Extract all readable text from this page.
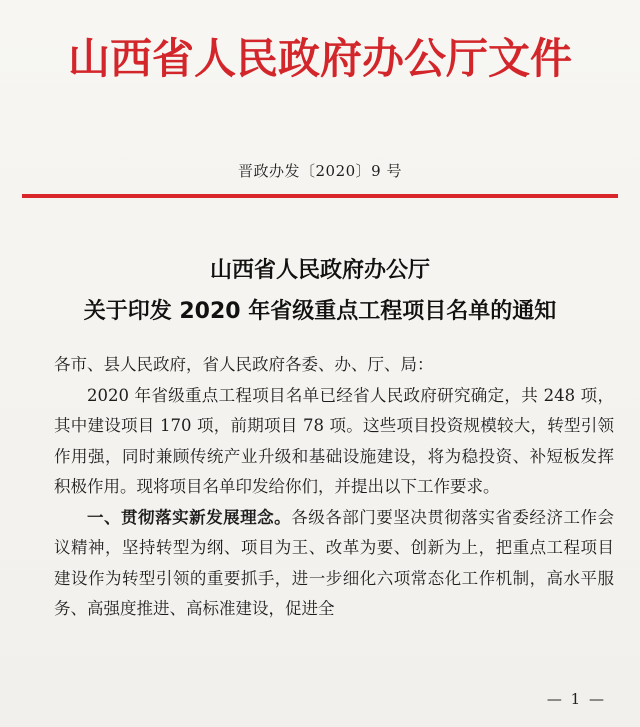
山西省人民政府办公厅文件
晋政办发〔2020〕9 号
山西省人民政府办公厅
关于印发 2020 年省级重点工程项目名单的通知

各市、县人民政府，省人民政府各委、办、厅、局：

2020 年省级重点工程项目名单已经省人民政府研究确定，共 248 项，其中建设项目 170 项，前期项目 78 项。这些项目投资规模较大，转型引领作用强，同时兼顾传统产业升级和基础设施建设，将为稳投资、补短板发挥积极作用。现将项目名单印发给你们，并提出以下工作要求。

一、贯彻落实新发展理念。各级各部门要坚决贯彻落实省委经济工作会议精神，坚持转型为纲、项目为王、改革为要、创新为上，把重点工程项目建设作为转型引领的重要抓手，进一步细化六项常态化工作机制，高水平服务、高强度推进、高标准建设，促进全

— 1 —
